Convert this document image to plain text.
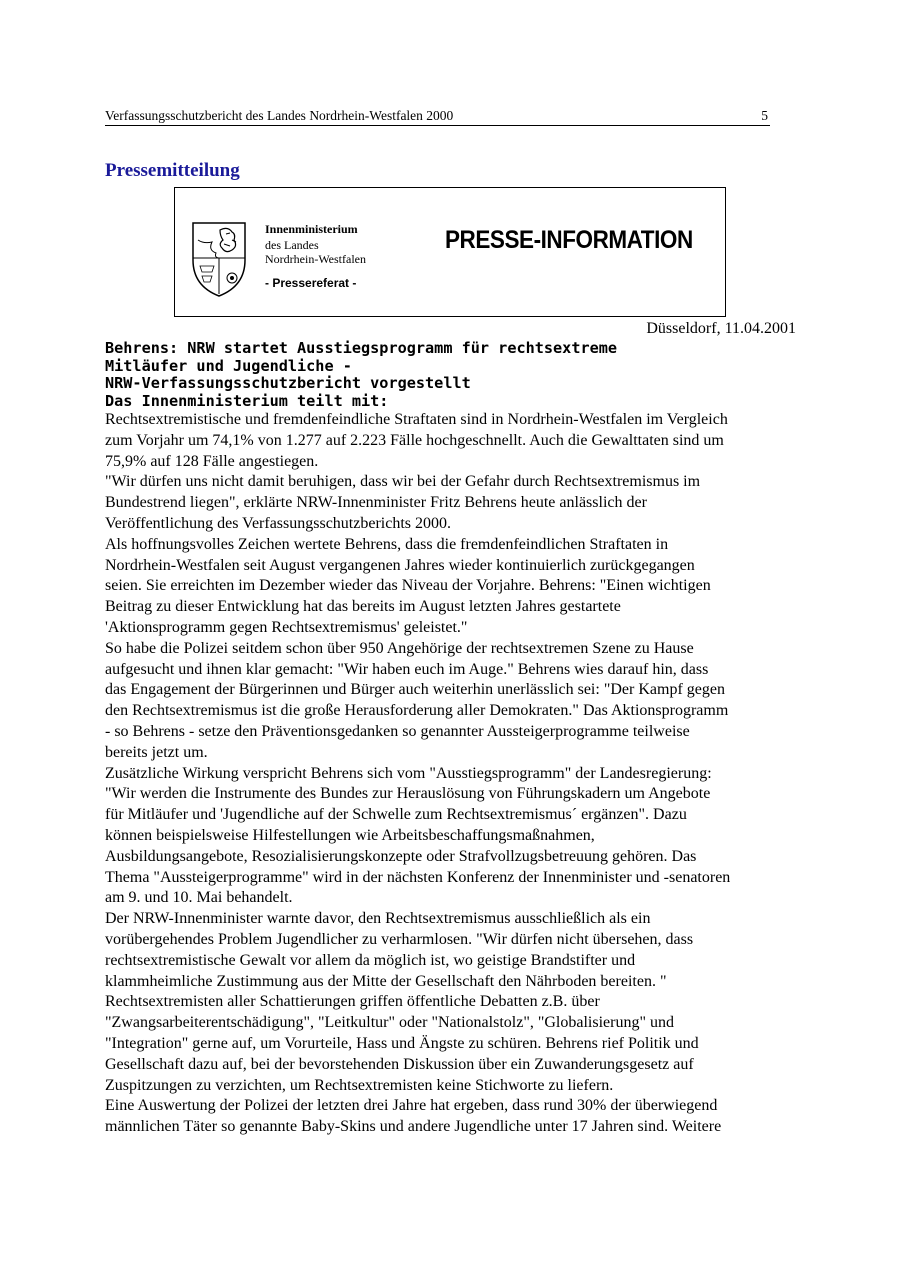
Verfassungsschutzbericht des Landes Nordrhein-Westfalen 2000	5
Pressemitteilung
Innenministerium
des Landes
Nordrhein-Westfalen
- Pressereferat -
PRESSE-INFORMATION
Düsseldorf, 11.04.2001
Behrens: NRW startet Ausstiegsprogramm für rechtsextreme
Mitläufer und Jugendliche -
NRW-Verfassungsschutzbericht vorgestellt
Das Innenministerium teilt mit:
Rechtsextremistische und fremdenfeindliche Straftaten sind in Nordrhein-Westfalen im Vergleich
zum Vorjahr um 74,1% von 1.277 auf 2.223 Fälle hochgeschnellt. Auch die Gewalttaten sind um
75,9% auf 128 Fälle angestiegen.
"Wir dürfen uns nicht damit beruhigen, dass wir bei der Gefahr durch Rechtsextremismus im
Bundestrend liegen", erklärte NRW-Innenminister Fritz Behrens heute anlässlich der
Veröffentlichung des Verfassungsschutzberichts 2000.
Als hoffnungsvolles Zeichen wertete Behrens, dass die fremdenfeindlichen Straftaten in
Nordrhein-Westfalen seit August vergangenen Jahres wieder kontinuierlich zurückgegangen
seien. Sie erreichten im Dezember wieder das Niveau der Vorjahre. Behrens: "Einen wichtigen
Beitrag zu dieser Entwicklung hat das bereits im August letzten Jahres gestartete
'Aktionsprogramm gegen Rechtsextremismus' geleistet."
So habe die Polizei seitdem schon über 950 Angehörige der rechtsextremen Szene zu Hause
aufgesucht und ihnen klar gemacht: "Wir haben euch im Auge." Behrens wies darauf hin, dass
das Engagement der Bürgerinnen und Bürger auch weiterhin unerlässlich sei: "Der Kampf gegen
den Rechtsextremismus ist die große Herausforderung aller Demokraten." Das Aktionsprogramm
- so Behrens - setze den Präventionsgedanken so genannter Aussteigerprogramme teilweise
bereits jetzt um.
Zusätzliche Wirkung verspricht Behrens sich vom "Ausstiegsprogramm" der Landesregierung:
"Wir werden die Instrumente des Bundes zur Herauslösung von Führungskadern um Angebote
für Mitläufer und 'Jugendliche auf der Schwelle zum Rechtsextremismus´ ergänzen". Dazu
können beispielsweise Hilfestellungen wie Arbeitsbeschaffungsmaßnahmen,
Ausbildungsangebote, Resozialisierungskonzepte oder Strafvollzugsbetreuung gehören. Das
Thema "Aussteigerprogramme" wird in der nächsten Konferenz der Innenminister und -senatoren
am 9. und 10. Mai behandelt.
Der NRW-Innenminister warnte davor, den Rechtsextremismus ausschließlich als ein
vorübergehendes Problem Jugendlicher zu verharmlosen. "Wir dürfen nicht übersehen, dass
rechtsextremistische Gewalt vor allem da möglich ist, wo geistige Brandstifter und
klammheimliche Zustimmung aus der Mitte der Gesellschaft den Nährboden bereiten. "
Rechtsextremisten aller Schattierungen griffen öffentliche Debatten z.B. über
"Zwangsarbeiterentschädigung", "Leitkultur" oder "Nationalstolz", "Globalisierung" und
"Integration" gerne auf, um Vorurteile, Hass und Ängste zu schüren. Behrens rief Politik und
Gesellschaft dazu auf, bei der bevorstehenden Diskussion über ein Zuwanderungsgesetz auf
Zuspitzungen zu verzichten, um Rechtsextremisten keine Stichworte zu liefern.
Eine Auswertung der Polizei der letzten drei Jahre hat ergeben, dass rund 30% der überwiegend
männlichen Täter so genannte Baby-Skins und andere Jugendliche unter 17 Jahren sind. Weitere
